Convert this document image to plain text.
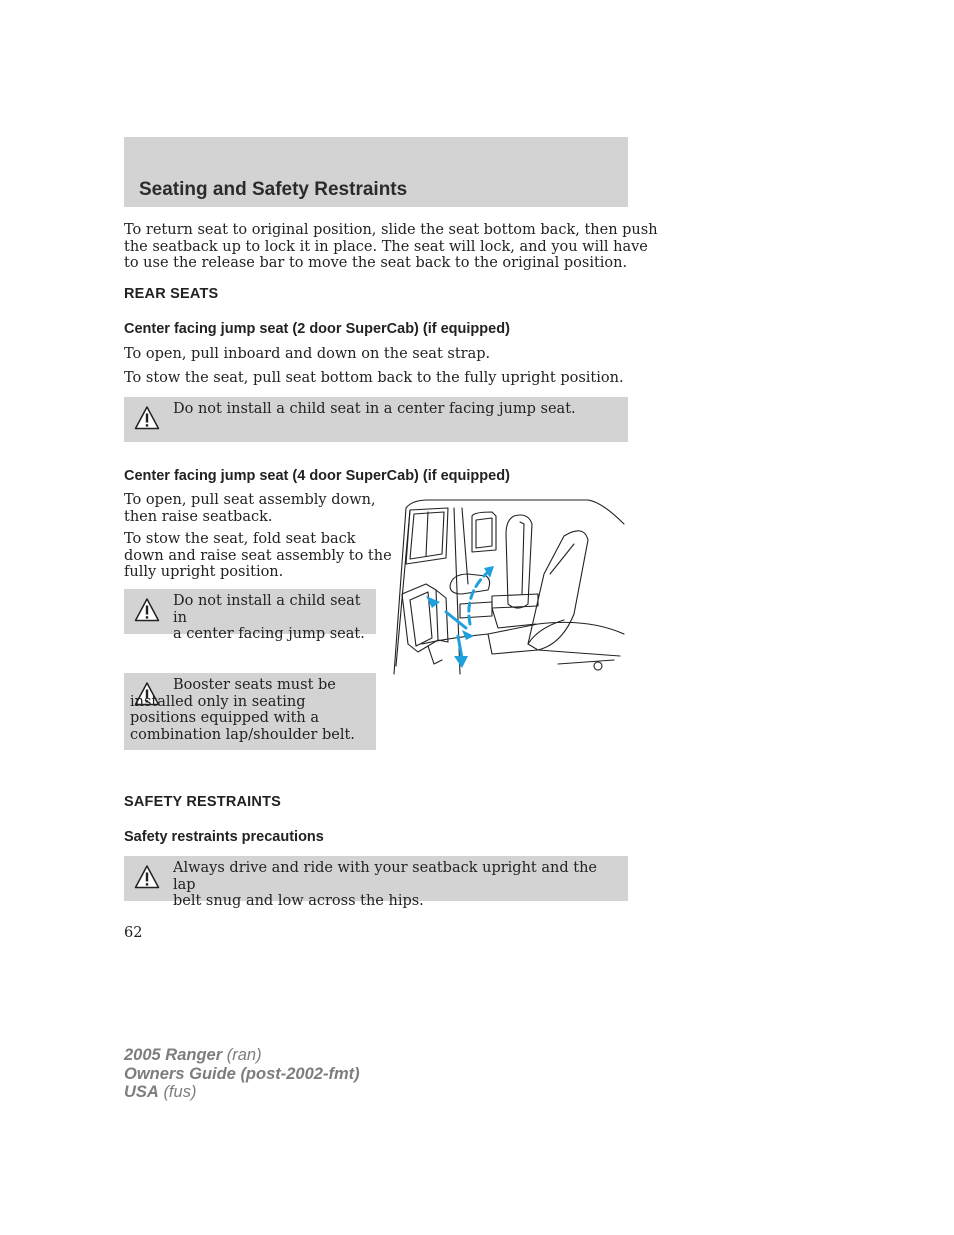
Seating and Safety Restraints

To return seat to original position, slide the seat bottom back, then push
the seatback up to lock it in place. The seat will lock, and you will have
to use the release bar to move the seat back to the original position.

REAR SEATS
Center facing jump seat (2 door SuperCab) (if equipped)

To open, pull inboard and down on the seat strap.

To stow the seat, pull seat bottom back to the fully upright position.

Do not install a child seat in a center facing jump seat.

Center facing jump seat (4 door SuperCab) (if equipped)

To open, pull seat assembly down,
then raise seatback.

To stow the seat, fold seat back
down and raise seat assembly to the
fully upright position.

Do not install a child seat in
a center facing jump seat.

Booster seats must be
installed only in seating
positions equipped with a
combination lap/shoulder belt.

SAFETY RESTRAINTS
Safety restraints precautions

Always drive and ride with your seatback upright and the lap
belt snug and low across the hips.

62

2005 Ranger (ran)
Owners Guide (post-2002-fmt)
USA (fus)
